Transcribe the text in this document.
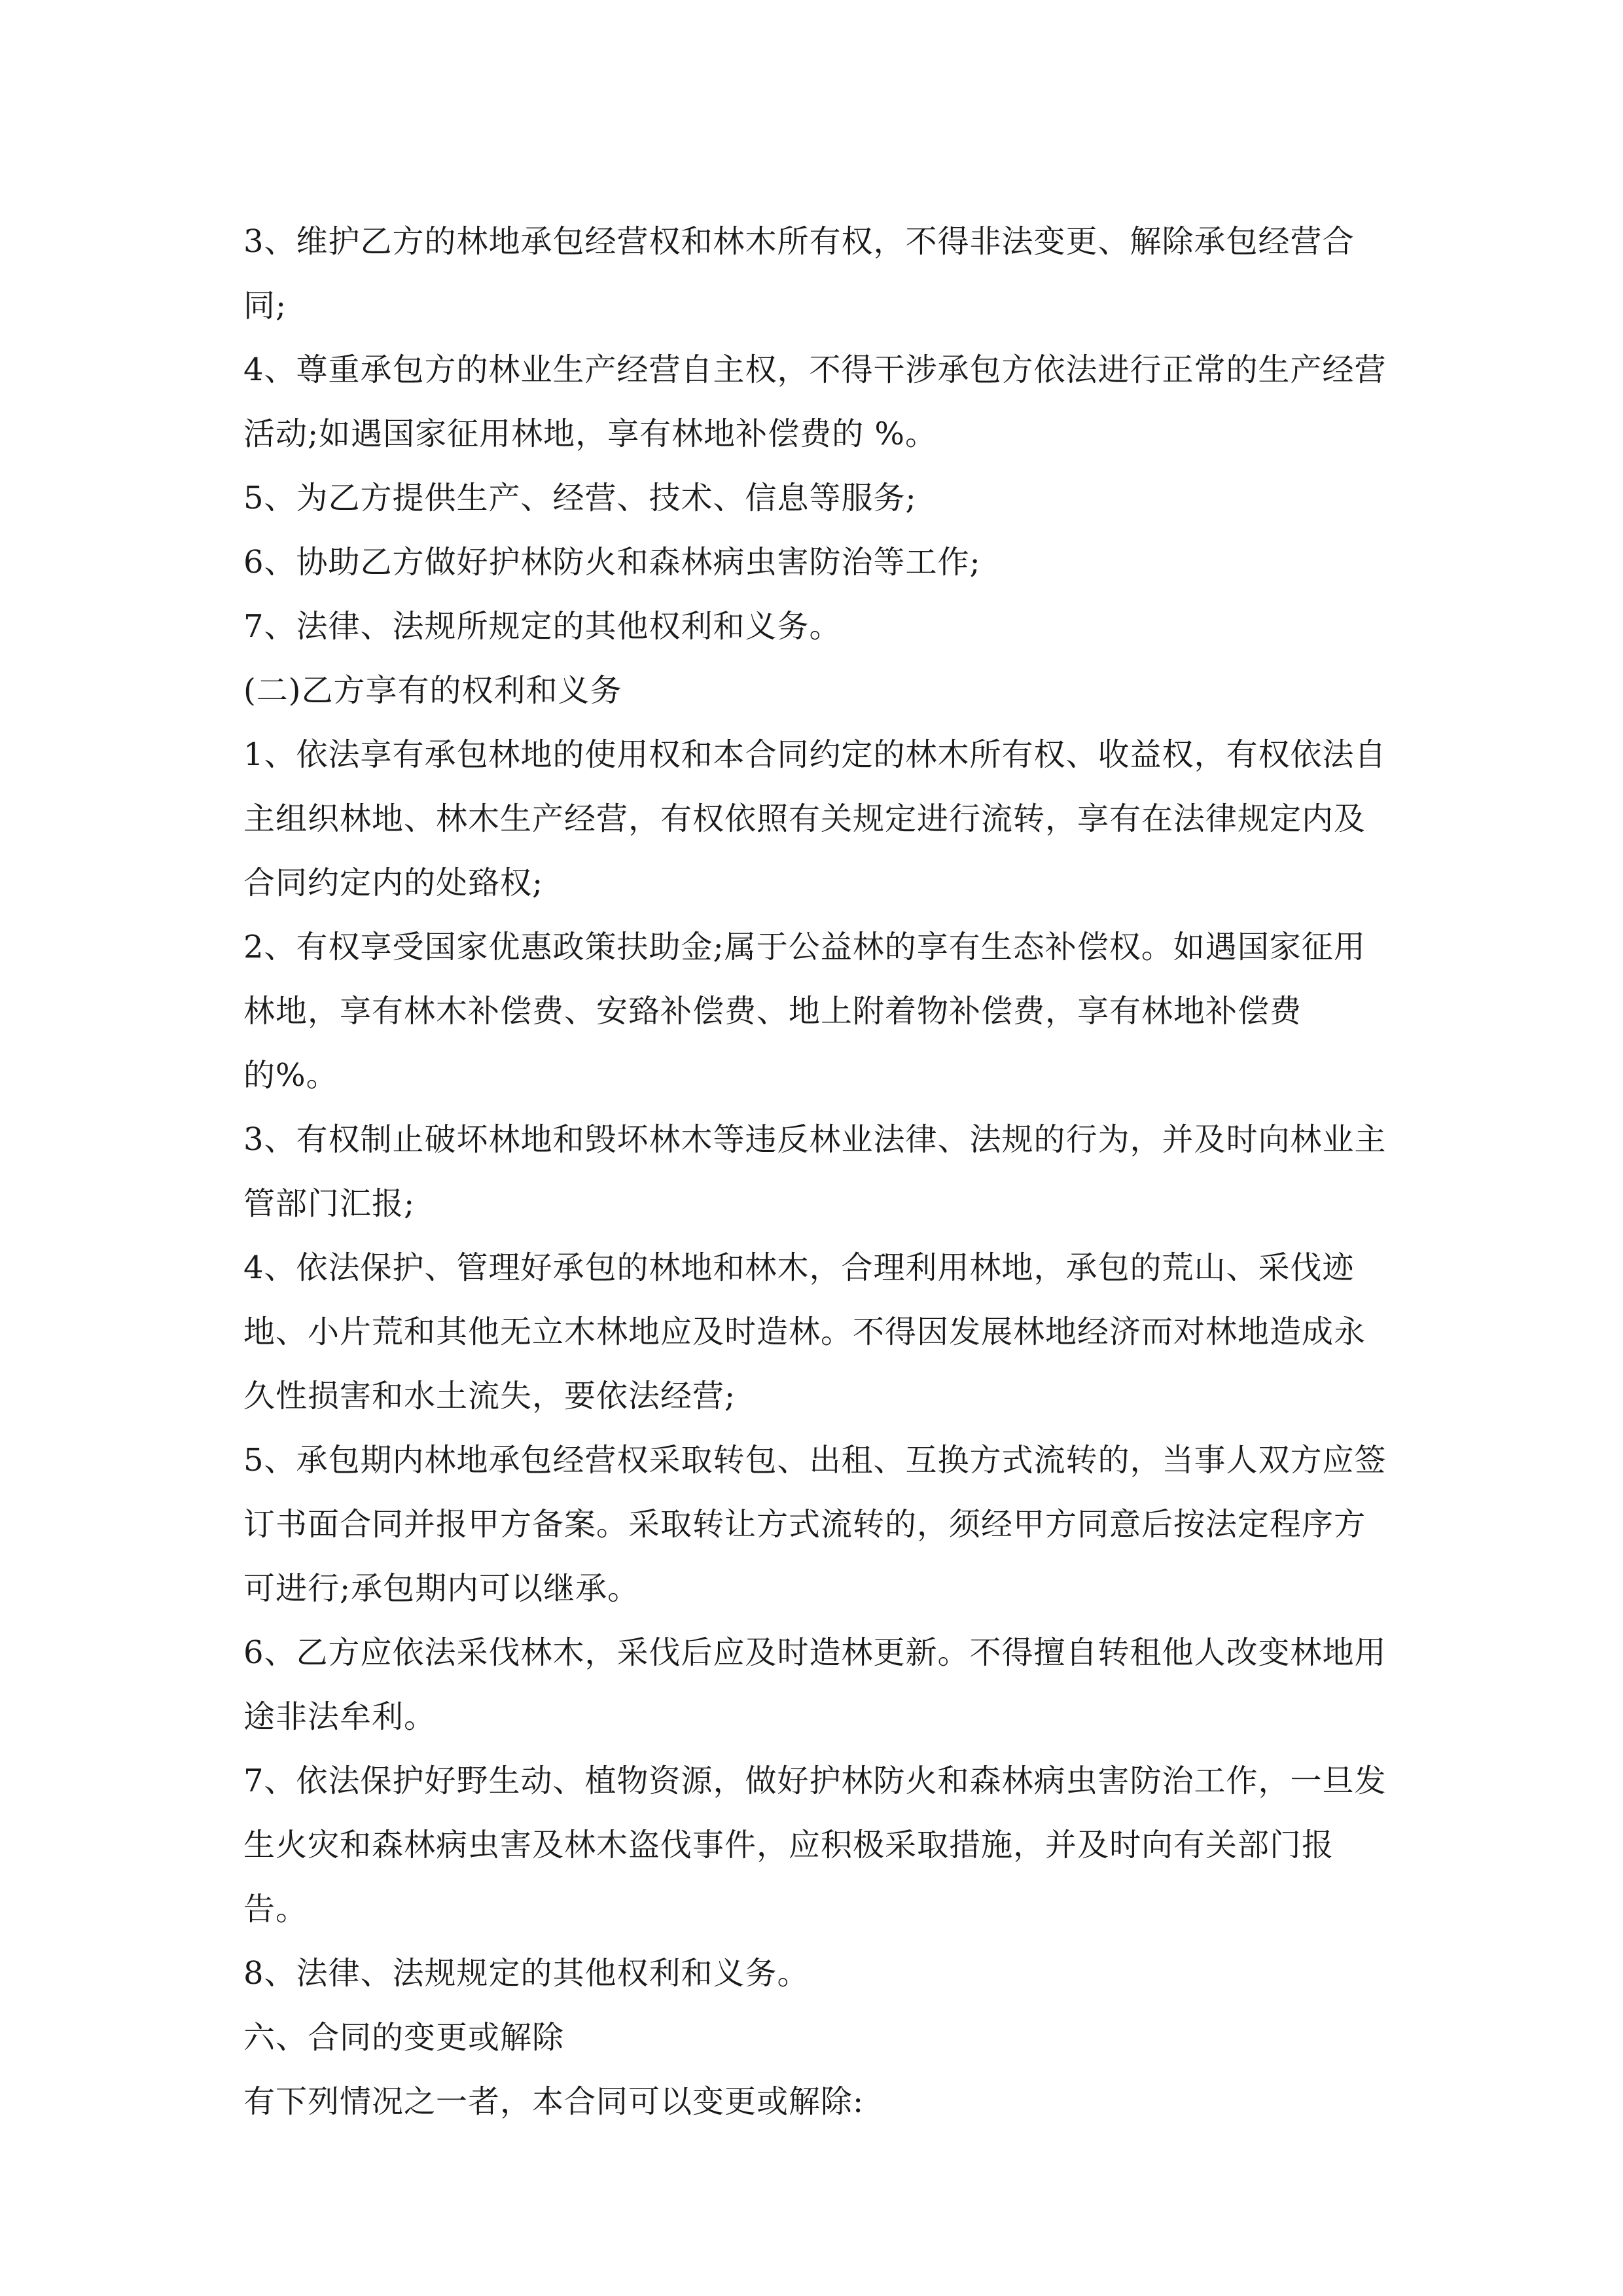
3、维护乙方的林地承包经营权和林木所有权，不得非法变更、解除承包经营合同;

4、尊重承包方的林业生产经营自主权，不得干涉承包方依法进行正常的生产经营活动;如遇国家征用林地，享有林地补偿费的 %。

5、为乙方提供生产、经营、技术、信息等服务;

6、协助乙方做好护林防火和森林病虫害防治等工作;

7、法律、法规所规定的其他权利和义务。

(二)乙方享有的权利和义务

1、依法享有承包林地的使用权和本合同约定的林木所有权、收益权，有权依法自主组织林地、林木生产经营，有权依照有关规定进行流转，享有在法律规定内及合同约定内的处臵权;

2、有权享受国家优惠政策扶助金;属于公益林的享有生态补偿权。如遇国家征用林地，享有林木补偿费、安臵补偿费、地上附着物补偿费，享有林地补偿费的%。

3、有权制止破坏林地和毁坏林木等违反林业法律、法规的行为，并及时向林业主管部门汇报;

4、依法保护、管理好承包的林地和林木，合理利用林地，承包的荒山、采伐迹地、小片荒和其他无立木林地应及时造林。不得因发展林地经济而对林地造成永久性损害和水土流失，要依法经营;

5、承包期内林地承包经营权采取转包、出租、互换方式流转的，当事人双方应签订书面合同并报甲方备案。采取转让方式流转的，须经甲方同意后按法定程序方可进行;承包期内可以继承。

6、乙方应依法采伐林木，采伐后应及时造林更新。不得擅自转租他人改变林地用途非法牟利。

7、依法保护好野生动、植物资源，做好护林防火和森林病虫害防治工作，一旦发生火灾和森林病虫害及林木盗伐事件，应积极采取措施，并及时向有关部门报告。

8、法律、法规规定的其他权利和义务。

六、合同的变更或解除

有下列情况之一者，本合同可以变更或解除:
